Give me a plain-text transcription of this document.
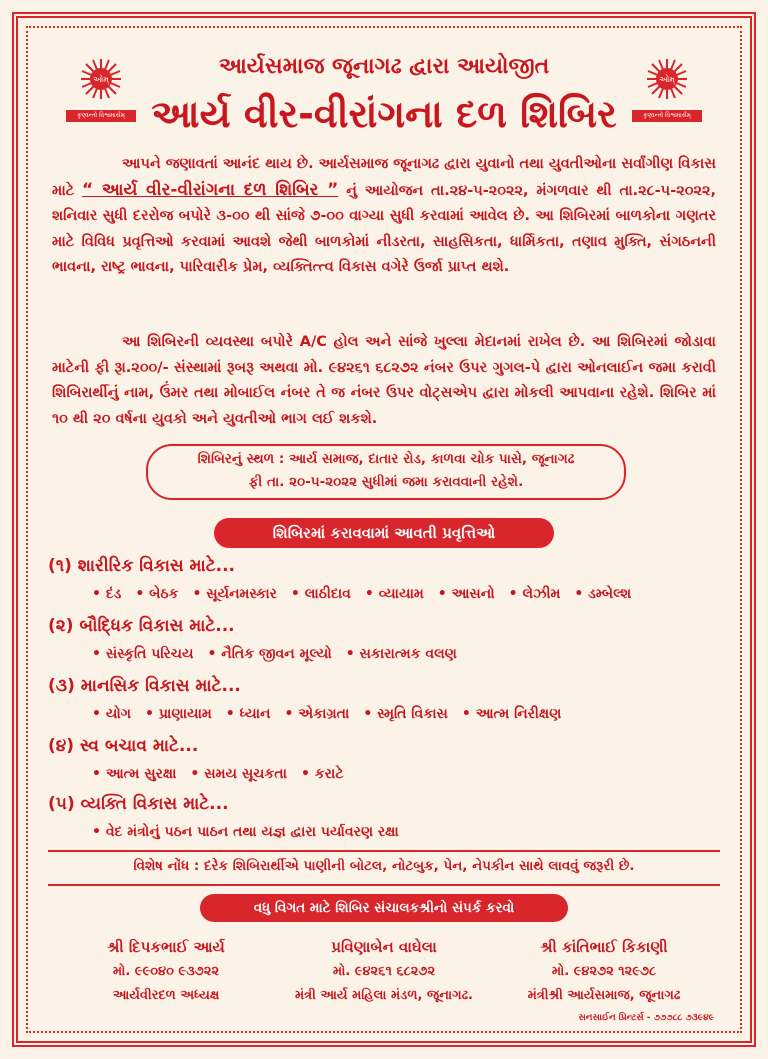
ઓમ્
કૃણ્વન્તો વિશ્વમાર્યમ્
ઓમ્
કૃણ્વન્તો વિશ્વમાર્યમ્
આર્યસમાજ જૂનાગઢ દ્વારા આયોજીત
આર્ય વીર-વીરાંગના દળ શિબિર
આપને જણાવતાં આનંદ થાય છે. આર્યસમાજ જૂનાગઢ દ્વારા યુવાનો તથા યુવતીઓના સર્વાંગીણ વિકાસ માટે “ આર્ય વીર-વીરાંગના દળ શિબિર ” નું આયોજન તા.૨૪-૫-૨૦૨૨, મંગળવાર થી તા.૨૮-૫-૨૦૨૨, શનિવાર સુધી દરરોજ બપોરે ૩-૦૦ થી સાંજે ૭-૦૦ વાગ્યા સુધી કરવામાં આવેલ છે. આ શિબિરમાં બાળકોના ગણતર માટે વિવિધ પ્રવૃત્તિઓ કરવામાં આવશે જેથી બાળકોમાં નીડરતા, સાહસિકતા, ધાર્મિકતા, તણાવ મુક્તિ, સંગઠનની ભાવના, રાષ્ટ્ર ભાવના, પારિવારીક પ્રેમ, વ્યક્તિત્ત્વ વિકાસ વગેરે ઉર્જા પ્રાપ્ત થશે.
આ શિબિરની વ્યવસ્થા બપોરે A/C હોલ અને સાંજે ખુલ્લા મેદાનમાં રાખેલ છે. આ શિબિરમાં જોડાવા માટેની ફી રૂા.૨૦૦/- સંસ્થામાં રૂબરૂ અથવા મો. ૯૪૨૬૧ ૬૮૨૭૨ નંબર ઉપર ગુગલ-પે દ્વારા ઓનલાઈન જમા કરાવી શિબિરાર્થીનું નામ, ઉંમર તથા મોબાઈલ નંબર તે જ નંબર ઉપર વોટ્સએપ દ્વારા મોકલી આપવાના રહેશે. શિબિર માં ૧૦ થી ૨૦ વર્ષના યુવકો અને યુવતીઓ ભાગ લઈ શકશે.
શિબિરનું સ્થળ : આર્ય સમાજ, દાતાર રોડ, કાળવા ચોક પાસે, જૂનાગઢ
ફી તા. ૨૦-૫-૨૦૨૨ સુધીમાં જમા કરાવવાની રહેશે.
શિબિરમાં કરાવવામાં આવતી પ્રવૃત્તિઓ
(૧) શારીરિક વિકાસ માટે...
• દંડ • બેઠક • સૂર્યનમસ્કાર • લાઠીદાવ • વ્યાયામ • આસનો • લેઝીમ • ડમ્બેલ્શ
(૨) બૌદ્ધિક વિકાસ માટે...
• સંસ્કૃતિ પરિચય • નૈતિક જીવન મૂલ્યો • સકારાત્મક વલણ
(૩) માનસિક વિકાસ માટે...
• યોગ • પ્રાણાયામ • ધ્યાન • એકાગ્રતા • સ્મૃતિ વિકાસ • આત્મ નિરીક્ષણ
(૪) સ્વ બચાવ માટે...
• આત્મ સુરક્ષા • સમય સૂચકતા • કરાટે
(૫) વ્યક્તિ વિકાસ માટે...
• વેદ મંત્રોનું પઠન પાઠન તથા યજ્ઞ દ્વારા પર્યાવરણ રક્ષા
વિશેષ નોંધ : દરેક શિબિરાર્થીએ પાણીની બોટલ, નોટબુક, પેન, નેપકીન સાથે લાવવું જરૂરી છે.
વધુ વિગત માટે શિબિર સંચાલકશ્રીનો સંપર્ક કરવો
શ્રી દિપકભાઈ આર્ય
મો. ૯૯૦૪૦ ૯૩૭૨૨
આર્યવીરદળ અધ્યક્ષ
પ્રવિણાબેન વાઘેલા
મો. ૯૪૨૬૧ ૬૮૨૭૨
મંત્રી આર્ય મહિલા મંડળ, જૂનાગઢ.
શ્રી કાંતિભાઈ કિકાણી
મો. ૯૪૨૭૨ ૧૨૯૭૮
મંત્રીશ્રી આર્યસમાજ, જૂનાગઢ
સનસાઈન પ્રિન્ટર્સ - ૭૭૭૮૮ ૭૩૯૪૯
